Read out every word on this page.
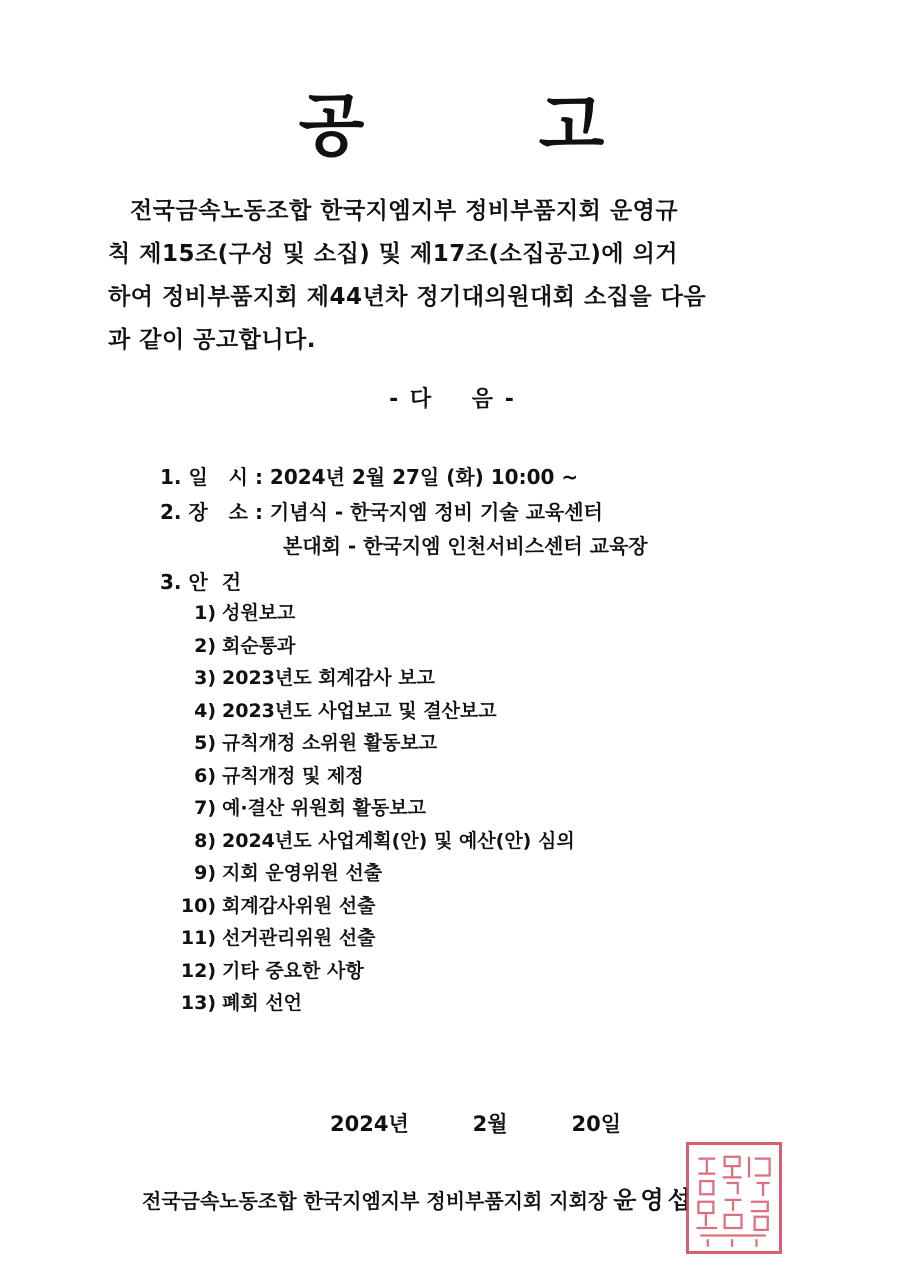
공	고
전국금속노동조합 한국지엠지부 정비부품지회 운영규
칙 제15조(구성 및 소집) 및 제17조(소집공고)에 의거
하여 정비부품지회 제44년차 정기대의원대회 소집을 다음
과 같이 공고합니다.
- 다    음 -
1. 일   시 : 2024년 2월 27일 (화) 10:00 ~
2. 장   소 : 기념식 - 한국지엠 정비 기술 교육센터
본대회 - 한국지엠 인천서비스센터 교육장
3. 안  건
1) 성원보고
2) 회순통과
3) 2023년도 회계감사 보고
4) 2023년도 사업보고 및 결산보고
5) 규칙개정 소위원 활동보고
6) 규칙개정 및 제정
7) 예·결산 위원회 활동보고
8) 2024년도 사업계획(안) 및 예산(안) 심의
9) 지회 운영위원 선출
10) 회계감사위원 선출
11) 선거관리위원 선출
12) 기타 중요한 사항
13) 폐회 선언
2024년   2월   20일
전국금속노동조합 한국지엠지부 정비부품지회 지회장 윤영섭
